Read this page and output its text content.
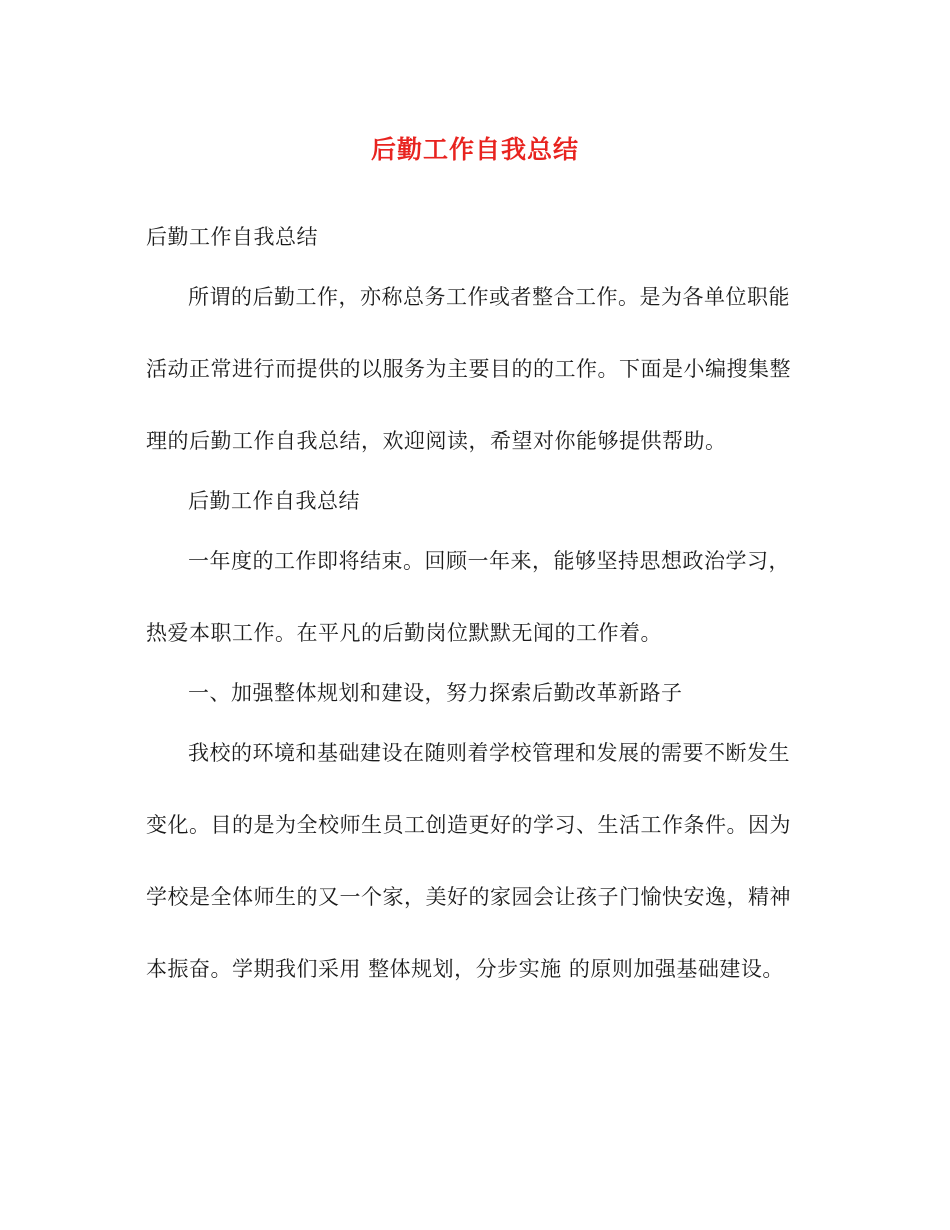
后勤工作自我总结
后勤工作自我总结
所谓的后勤工作，亦称总务工作或者整合工作。是为各单位职能
活动正常进行而提供的以服务为主要目的的工作。下面是小编搜集整
理的后勤工作自我总结，欢迎阅读，希望对你能够提供帮助。
后勤工作自我总结
一年度的工作即将结束。回顾一年来，能够坚持思想政治学习，
热爱本职工作。在平凡的后勤岗位默默无闻的工作着。
一、加强整体规划和建设，努力探索后勤改革新路子
我校的环境和基础建设在随则着学校管理和发展的需要不断发生
变化。目的是为全校师生员工创造更好的学习、生活工作条件。因为
学校是全体师生的又一个家，美好的家园会让孩子门愉快安逸，精神
本振奋。学期我们采用 整体规划，分步实施 的原则加强基础建设。
